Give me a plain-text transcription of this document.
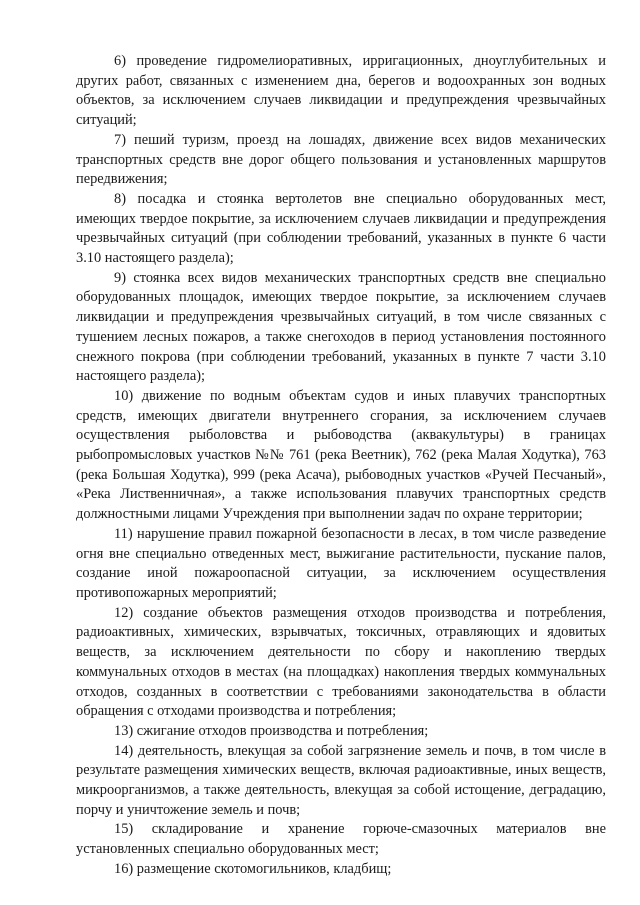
6) проведение гидромелиоративных, ирригационных, дноуглубительных и других работ, связанных с изменением дна, берегов и водоохранных зон водных объектов, за исключением случаев ликвидации и предупреждения чрезвычайных ситуаций;

7) пеший туризм, проезд на лошадях, движение всех видов механических транспортных средств вне дорог общего пользования и установленных маршрутов передвижения;

8) посадка и стоянка вертолетов вне специально оборудованных мест, имеющих твердое покрытие, за исключением случаев ликвидации и предупреждения чрезвычайных ситуаций (при соблюдении требований, указанных в пункте 6 части 3.10 настоящего раздела);

9) стоянка всех видов механических транспортных средств вне специально оборудованных площадок, имеющих твердое покрытие, за исключением случаев ликвидации и предупреждения чрезвычайных ситуаций, в том числе связанных с тушением лесных пожаров, а также снегоходов в период установления постоянного снежного покрова (при соблюдении требований, указанных в пункте 7 части 3.10 настоящего раздела);

10) движение по водным объектам судов и иных плавучих транспортных средств, имеющих двигатели внутреннего сгорания, за исключением случаев осуществления рыболовства и рыбоводства (аквакультуры) в границах рыбопромысловых участков №№ 761 (река Веетник), 762 (река Малая Ходутка), 763 (река Большая Ходутка), 999 (река Асача), рыбоводных участков «Ручей Песчаный», «Река Лиственничная», а также использования плавучих транспортных средств должностными лицами Учреждения при выполнении задач по охране территории;

11) нарушение правил пожарной безопасности в лесах, в том числе разведение огня вне специально отведенных мест, выжигание растительности, пускание палов, создание иной пожароопасной ситуации, за исключением осуществления противопожарных мероприятий;

12) создание объектов размещения отходов производства и потребления, радиоактивных, химических, взрывчатых, токсичных, отравляющих и ядовитых веществ, за исключением деятельности по сбору и накоплению твердых коммунальных отходов в местах (на площадках) накопления твердых коммунальных отходов, созданных в соответствии с требованиями законодательства в области обращения с отходами производства и потребления;

13) сжигание отходов производства и потребления;

14) деятельность, влекущая за собой загрязнение земель и почв, в том числе в результате размещения химических веществ, включая радиоактивные, иных веществ, микроорганизмов, а также деятельность, влекущая за собой истощение, деградацию, порчу и уничтожение земель и почв;

15) складирование и хранение горюче-смазочных материалов вне установленных специально оборудованных мест;

16) размещение скотомогильников, кладбищ;
